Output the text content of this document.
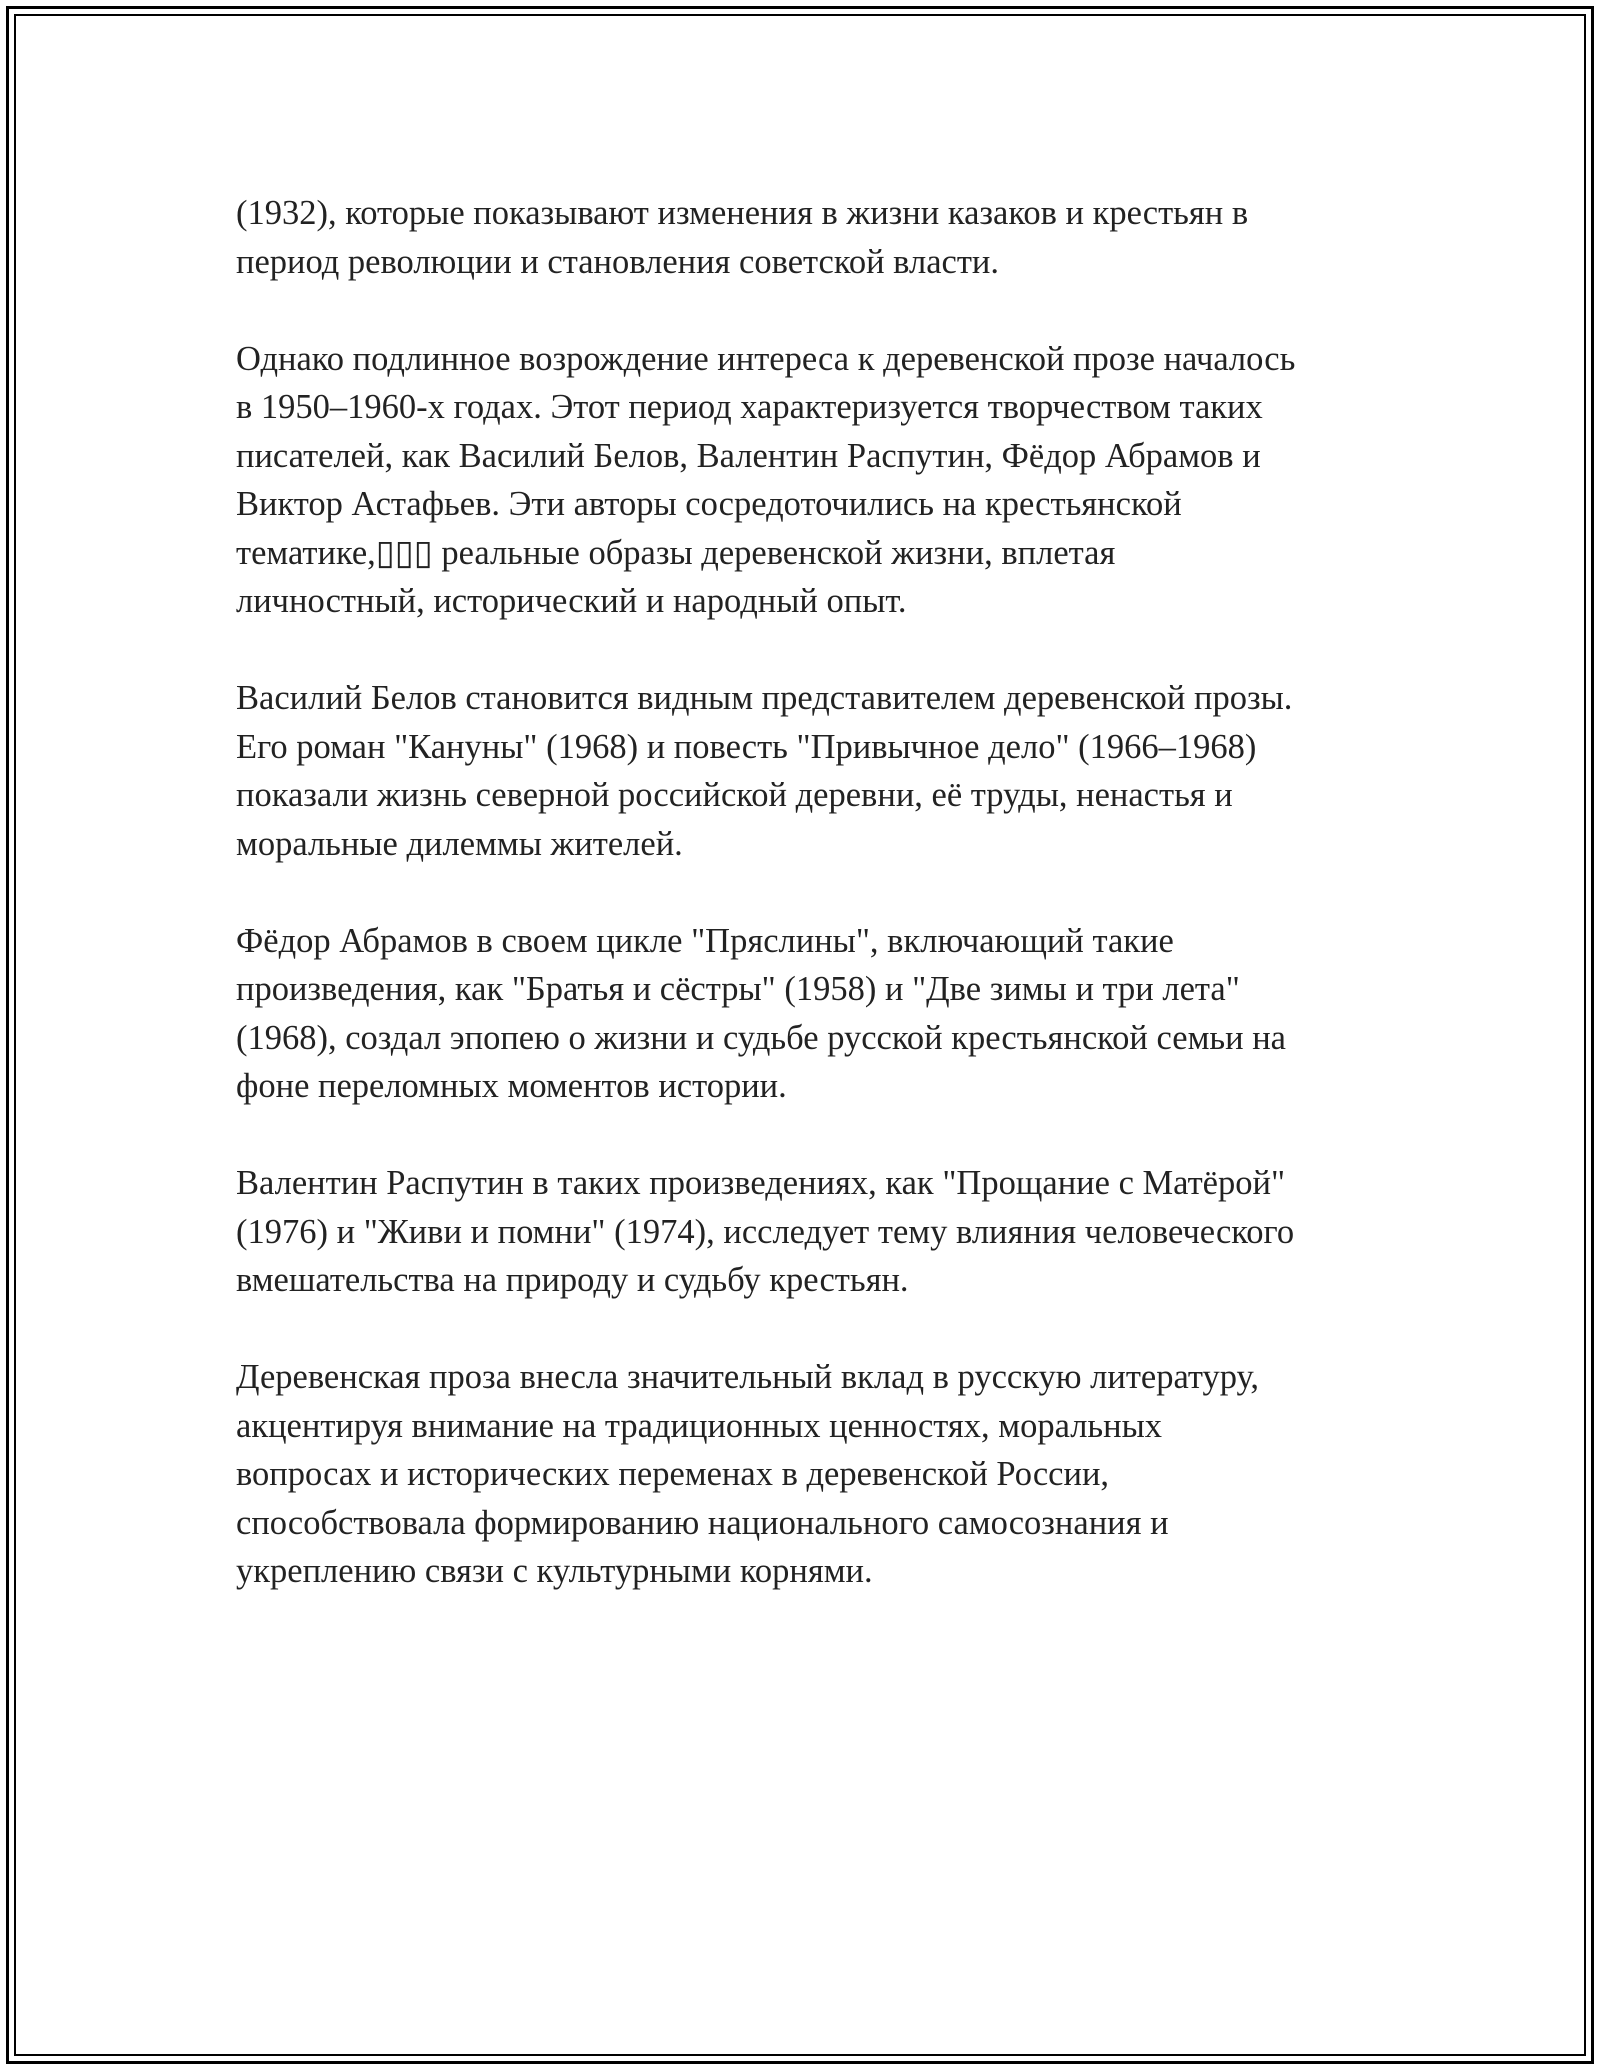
(1932), которые показывают изменения в жизни казаков и крестьян в
период революции и становления советской власти.

Однако подлинное возрождение интереса к деревенской прозе началось
в 1950–1960-х годах. Этот период характеризуется творчеством таких
писателей, как Василий Белов, Валентин Распутин, Фёдор Абрамов и
Виктор Астафьев. Эти авторы сосредоточились на крестьянской
тематике,▯▯▯ реальные образы деревенской жизни, вплетая
личностный, исторический и народный опыт.

Василий Белов становится видным представителем деревенской прозы.
Его роман "Кануны" (1968) и повесть "Привычное дело" (1966–1968)
показали жизнь северной российской деревни, её труды, ненастья и
моральные дилеммы жителей.

Фёдор Абрамов в своем цикле "Пряслины", включающий такие
произведения, как "Братья и сёстры" (1958) и "Две зимы и три лета"
(1968), создал эпопею о жизни и судьбе русской крестьянской семьи на
фоне переломных моментов истории.

Валентин Распутин в таких произведениях, как "Прощание с Матёрой"
(1976) и "Живи и помни" (1974), исследует тему влияния человеческого
вмешательства на природу и судьбу крестьян.

Деревенская проза внесла значительный вклад в русскую литературу,
акцентируя внимание на традиционных ценностях, моральных
вопросах и исторических переменах в деревенской России,
способствовала формированию национального самосознания и
укреплению связи с культурными корнями.
